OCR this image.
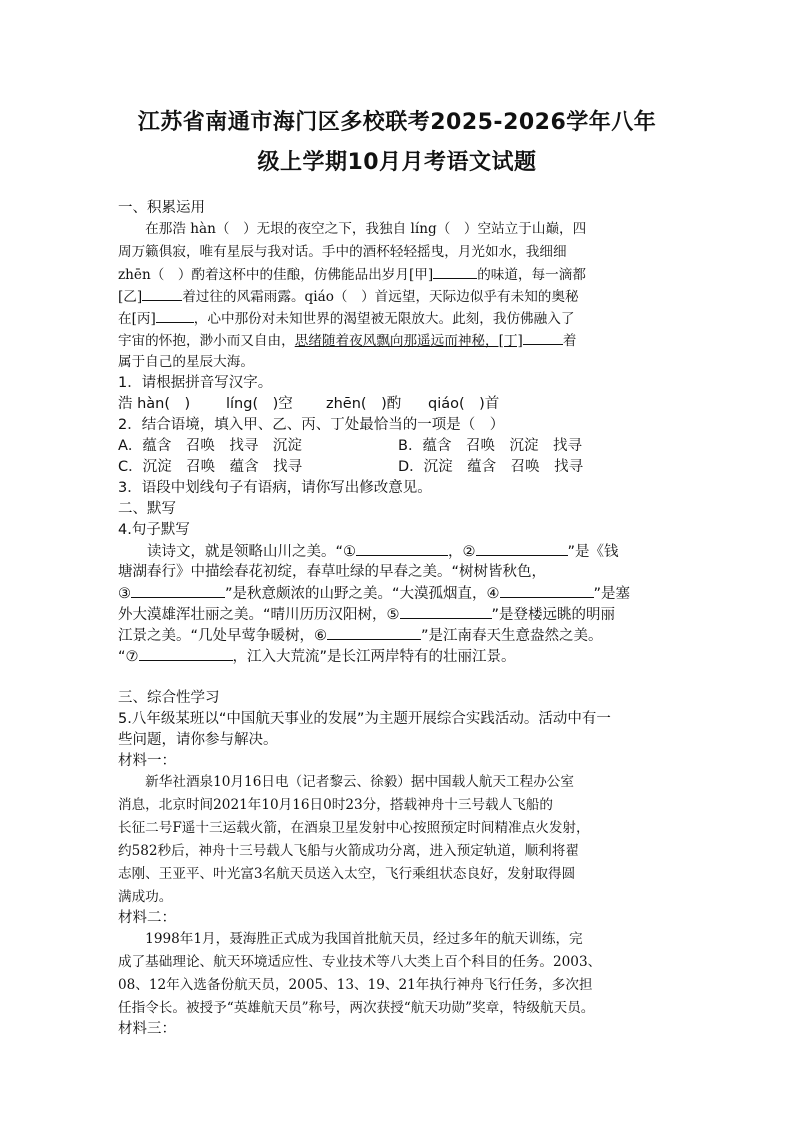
江苏省南通市海门区多校联考2025-2026学年八年
级上学期10月月考语文试题
一、积累运用
　　在那浩 hàn（　）无垠的夜空之下，我独自 líng（　）空站立于山巅，四
周万籁俱寂，唯有星辰与我对话。手中的酒杯轻轻摇曳，月光如水，我细细
zhēn（　）酌着这杯中的佳酿，仿佛能品出岁月[甲]	的味道，每一滴都
[乙]	着过往的风霜雨露。qiáo（　）首远望，天际边似乎有未知的奥秘
在[丙]	，心中那份对未知世界的渴望被无限放大。此刻，我仿佛融入了
宇宙的怀抱，渺小而又自由，思绪随着夜风飘向那遥远而神秘，[丁]	着
属于自己的星辰大海。
1．请根据拼音写汉字。
浩 hàn(　) líng(　)空 zhēn(　)酌 qiáo(　)首
2．结合语境，填入甲、乙、丙、丁处最恰当的一项是（　）
A．蕴含　召唤　找寻　沉淀	B．蕴含　召唤　沉淀　找寻
C．沉淀　召唤　蕴含　找寻	D．沉淀　蕴含　召唤　找寻
3．语段中划线句子有语病，请你写出修改意见。
二、默写
4.句子默写
　　读诗文，就是领略山川之美。“①	，②	”是《钱
塘湖春行》中描绘春花初绽，春草吐绿的早春之美。“树树皆秋色，
③	”是秋意颇浓的山野之美。“大漠孤烟直，④	”是塞
外大漠雄浑壮丽之美。“晴川历历汉阳树，⑤	”是登楼远眺的明丽
江景之美。“几处早莺争暖树，⑥	”是江南春天生意盎然之美。
“⑦	，江入大荒流”是长江两岸特有的壮丽江景。
三、综合性学习
5.八年级某班以“中国航天事业的发展”为主题开展综合实践活动。活动中有一
些问题，请你参与解决。
材料一：
　　新华社酒泉10月16日电（记者黎云、徐毅）据中国载人航天工程办公室
消息，北京时间2021年10月16日0时23分，搭载神舟十三号载人飞船的
长征二号F遥十三运载火箭，在酒泉卫星发射中心按照预定时间精准点火发射，
约582秒后，神舟十三号载人飞船与火箭成功分离，进入预定轨道，顺利将翟
志刚、王亚平、叶光富3名航天员送入太空，飞行乘组状态良好，发射取得圆
满成功。
材料二：
　　1998年1月，聂海胜正式成为我国首批航天员，经过多年的航天训练，完
成了基础理论、航天环境适应性、专业技术等八大类上百个科目的任务。2003、
08、12年入选备份航天员，2005、13、19、21年执行神舟飞行任务，多次担
任指令长。被授予“英雄航天员”称号，两次获授“航天功勋”奖章，特级航天员。
材料三：
